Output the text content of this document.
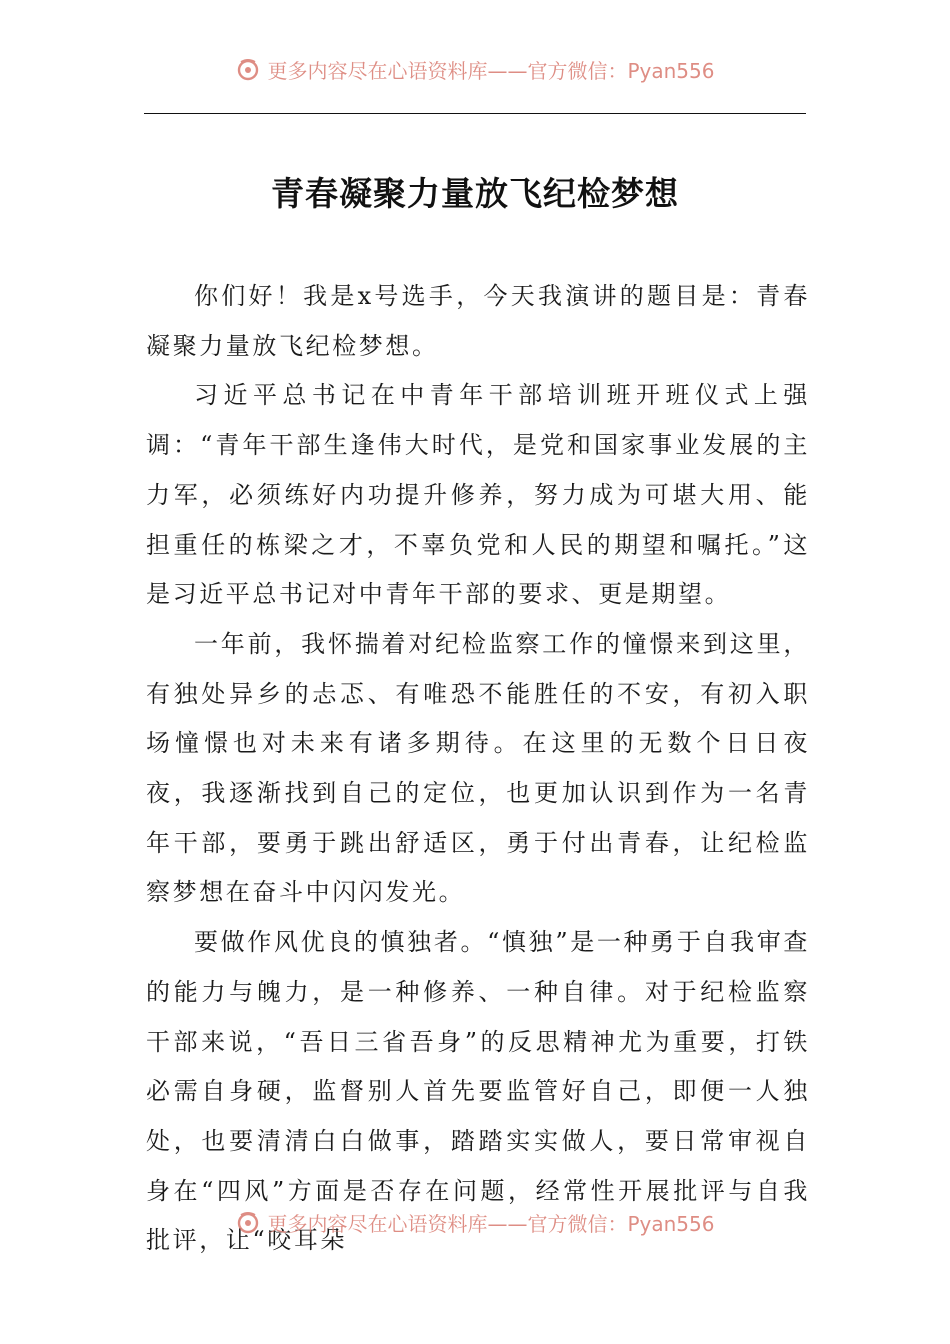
更多内容尽在心语资料库——官方微信：Pyan556
青春凝聚力量放飞纪检梦想

你们好！我是x号选手，今天我演讲的题目是：青春凝聚力量放飞纪检梦想。

习近平总书记在中青年干部培训班开班仪式上强调：“青年干部生逢伟大时代，是党和国家事业发展的主力军，必须练好内功提升修养，努力成为可堪大用、能担重任的栋梁之才，不辜负党和人民的期望和嘱托。”这是习近平总书记对中青年干部的要求、更是期望。

一年前，我怀揣着对纪检监察工作的憧憬来到这里，有独处异乡的忐忑、有唯恐不能胜任的不安，有初入职场憧憬也对未来有诸多期待。在这里的无数个日日夜夜，我逐渐找到自己的定位，也更加认识到作为一名青年干部，要勇于跳出舒适区，勇于付出青春，让纪检监察梦想在奋斗中闪闪发光。

要做作风优良的慎独者。“慎独”是一种勇于自我审查的能力与魄力，是一种修养、一种自律。对于纪检监察干部来说，“吾日三省吾身”的反思精神尤为重要，打铁必需自身硬，监督别人首先要监管好自己，即便一人独处，也要清清白白做事，踏踏实实做人，要日常审视自身在“四风”方面是否存在问题，经常性开展批评与自我批评，让“咬耳朵

更多内容尽在心语资料库——官方微信：Pyan556
